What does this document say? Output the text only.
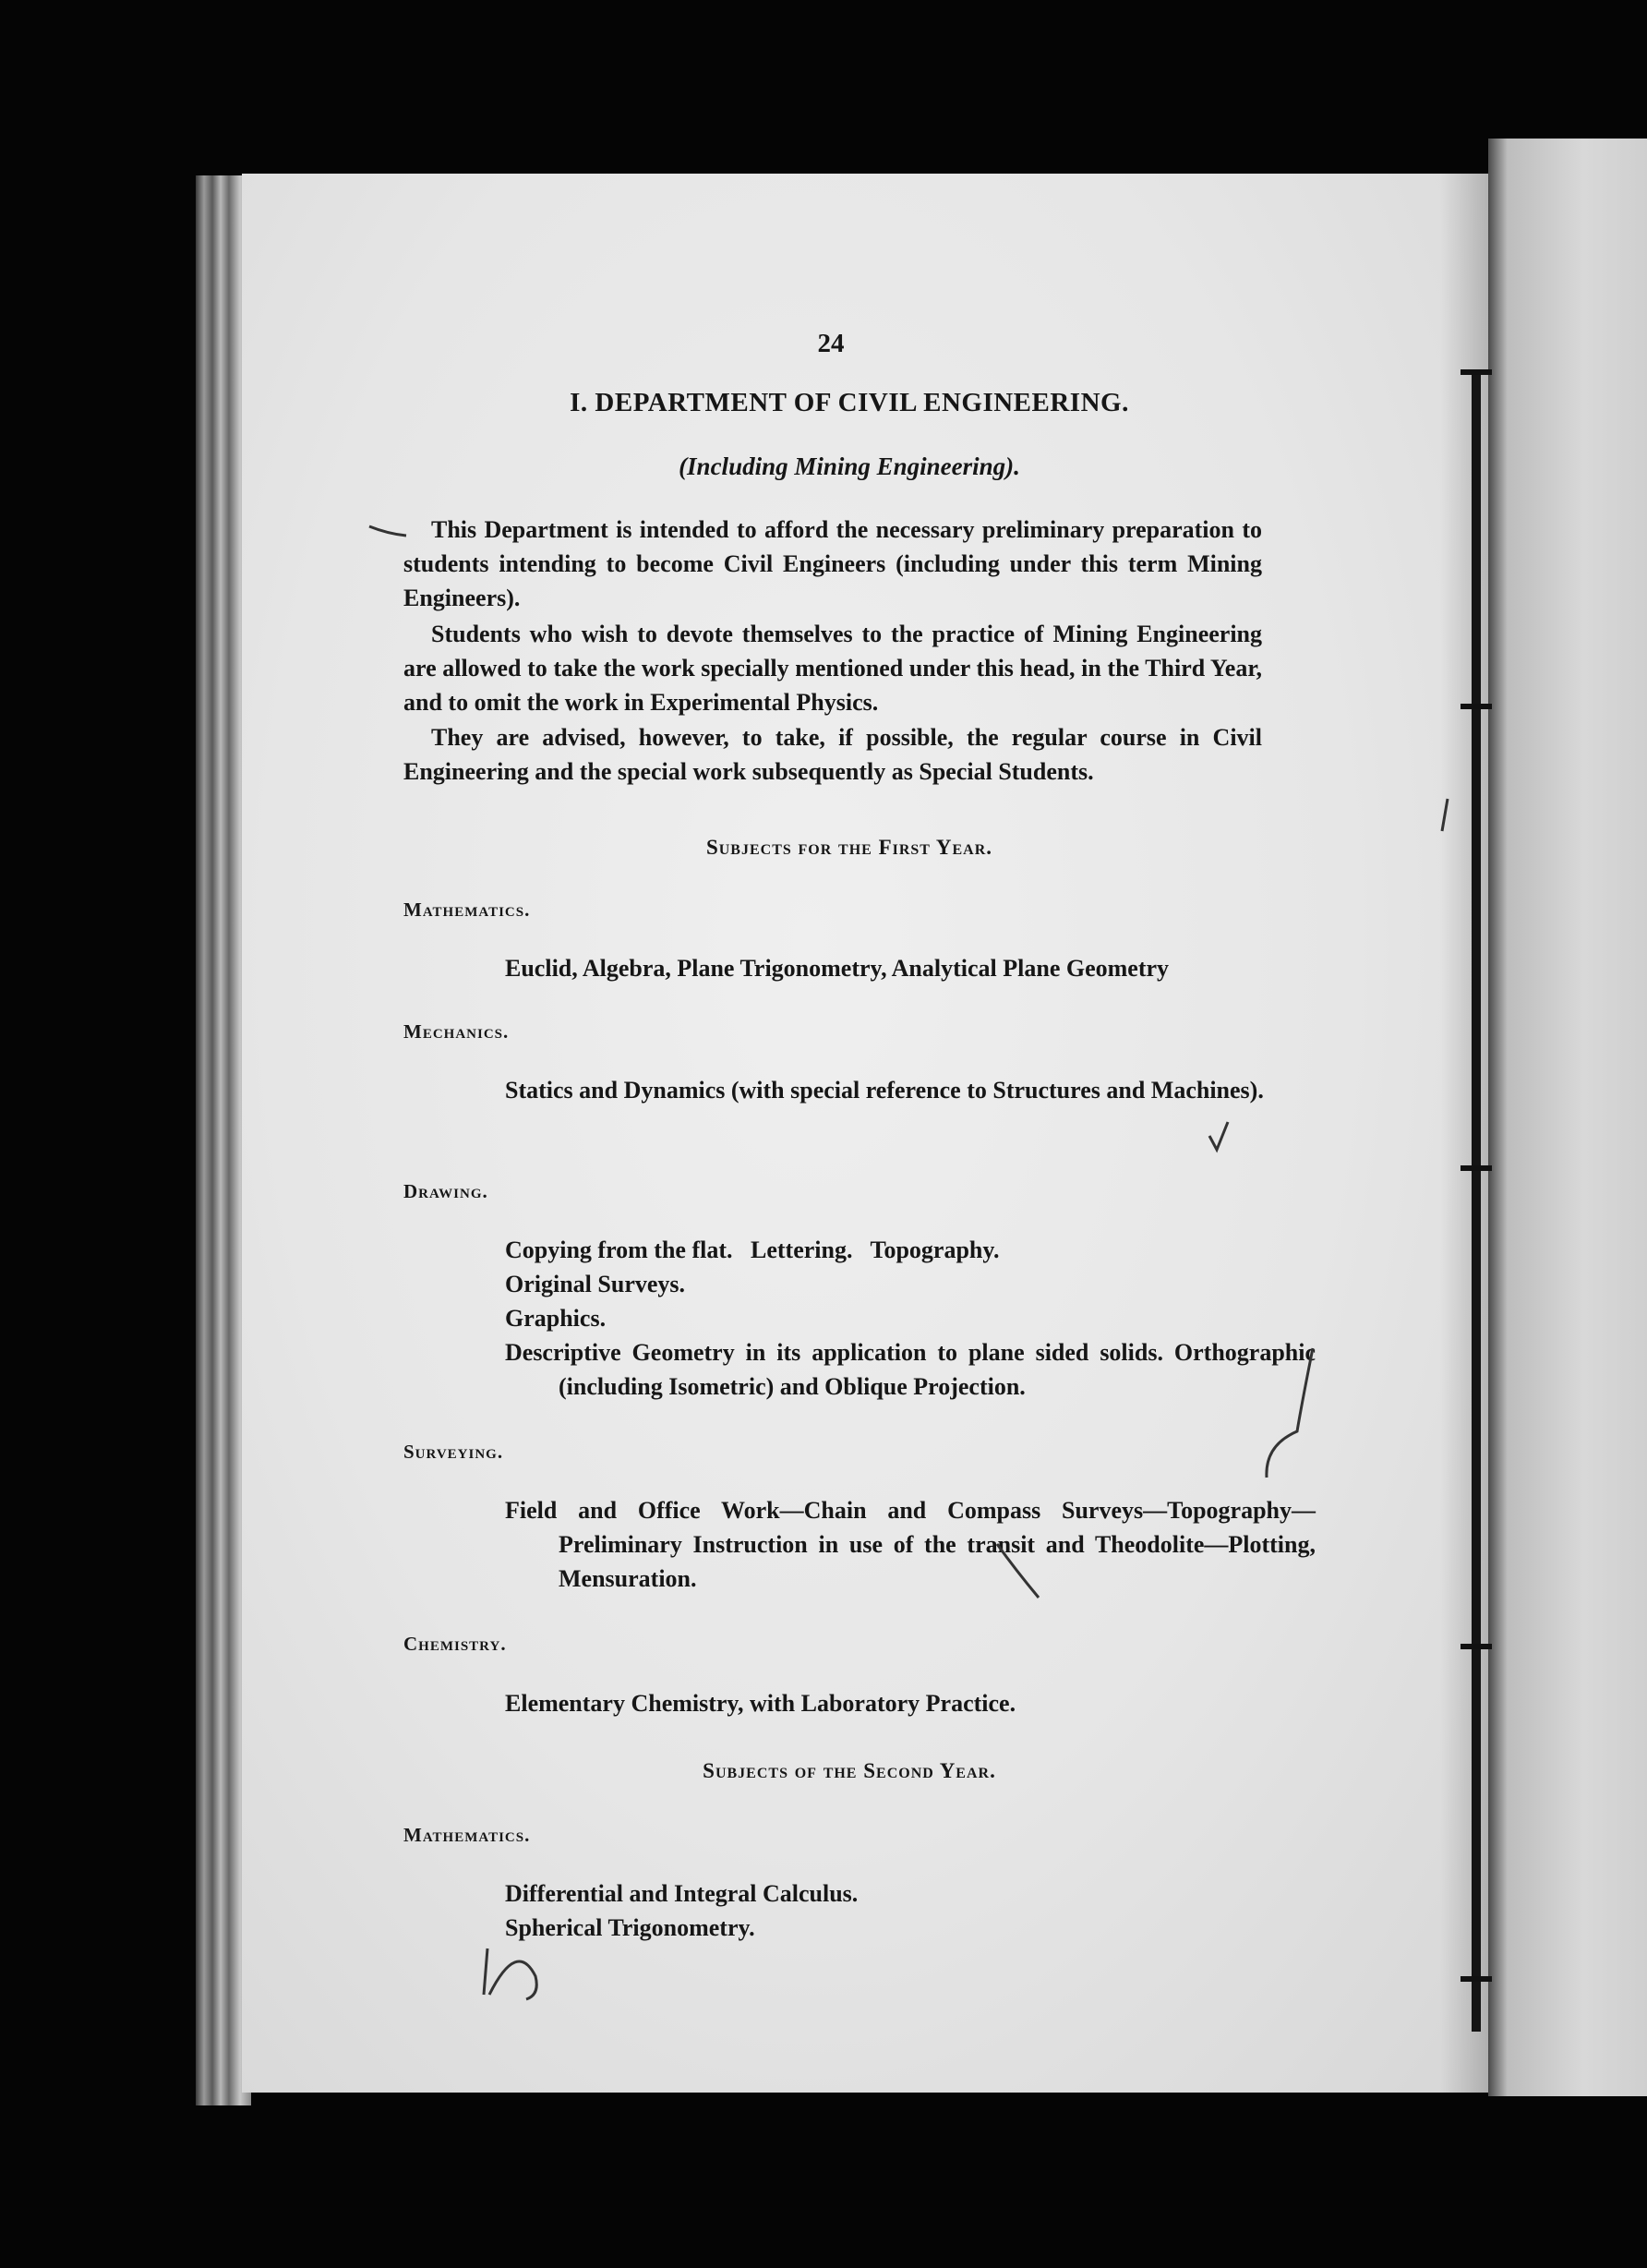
24

I. DEPARTMENT OF CIVIL ENGINEERING.

(Including Mining Engineering).

This Department is intended to afford the necessary preliminary preparation to students intending to become Civil Engineers (including under this term Mining Engineers).

Students who wish to devote themselves to the practice of Mining Engineering are allowed to take the work specially mentioned under this head, in the Third Year, and to omit the work in Experimental Physics.

They are advised, however, to take, if possible, the regular course in Civil Engineering and the special work subsequently as Special Students.

Subjects for the First Year.

Mathematics.

Euclid, Algebra, Plane Trigonometry, Analytical Plane Geometry

Mechanics.

Statics and Dynamics (with special reference to Structures and Machines).

Drawing.

Copying from the flat.   Lettering.   Topography.

Original Surveys.

Graphics.

Descriptive Geometry in its application to plane sided solids. Orthographic (including Isometric) and Oblique Projection.

Surveying.

Field and Office Work—Chain and Compass Surveys—Topography—Preliminary Instruction in use of the transit and Theodolite—Plotting, Mensuration.

Chemistry.

Elementary Chemistry, with Laboratory Practice.

Subjects of the Second Year.

Mathematics.

Differential and Integral Calculus.

Spherical Trigonometry.
